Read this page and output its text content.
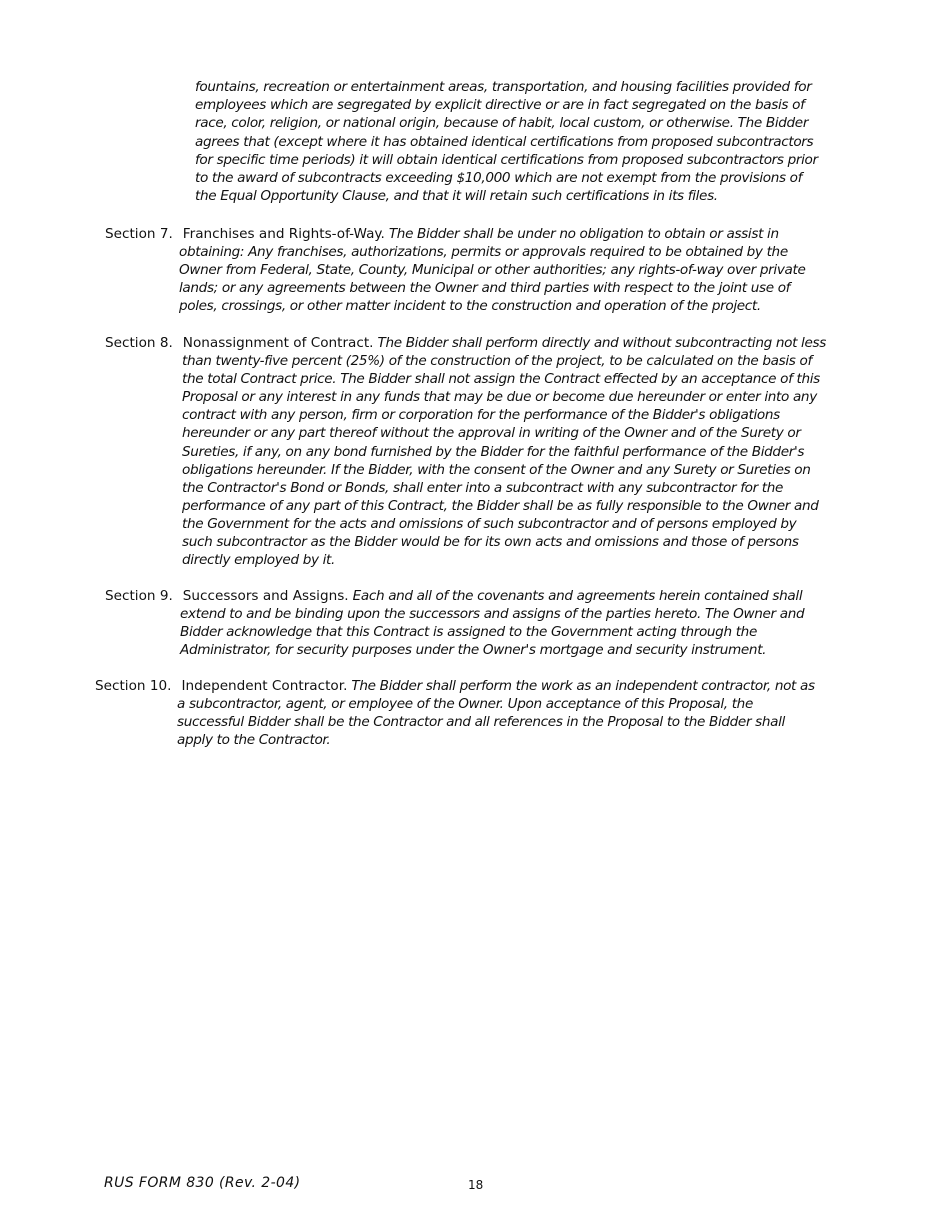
fountains, recreation or entertainment areas, transportation, and housing facilities provided for employees which are segregated by explicit directive or are in fact segregated on the basis of race, color, religion, or national origin, because of habit, local custom, or otherwise. The Bidder agrees that (except where it has obtained identical certifications from proposed subcontractors for specific time periods) it will obtain identical certifications from proposed subcontractors prior to the award of subcontracts exceeding $10,000 which are not exempt from the provisions of the Equal Opportunity Clause, and that it will retain such certifications in its files.

Section 7. Franchises and Rights-of-Way. The Bidder shall be under no obligation to obtain or assist in obtaining: Any franchises, authorizations, permits or approvals required to be obtained by the Owner from Federal, State, County, Municipal or other authorities; any rights-of-way over private lands; or any agreements between the Owner and third parties with respect to the joint use of poles, crossings, or other matter incident to the construction and operation of the project.

Section 8. Nonassignment of Contract. The Bidder shall perform directly and without subcontracting not less than twenty-five percent (25%) of the construction of the project, to be calculated on the basis of the total Contract price. The Bidder shall not assign the Contract effected by an acceptance of this Proposal or any interest in any funds that may be due or become due hereunder or enter into any contract with any person, firm or corporation for the performance of the Bidder's obligations hereunder or any part thereof without the approval in writing of the Owner and of the Surety or Sureties, if any, on any bond furnished by the Bidder for the faithful performance of the Bidder's obligations hereunder. If the Bidder, with the consent of the Owner and any Surety or Sureties on the Contractor's Bond or Bonds, shall enter into a subcontract with any subcontractor for the performance of any part of this Contract, the Bidder shall be as fully responsible to the Owner and the Government for the acts and omissions of such subcontractor and of persons employed by such subcontractor as the Bidder would be for its own acts and omissions and those of persons directly employed by it.

Section 9. Successors and Assigns. Each and all of the covenants and agreements herein contained shall extend to and be binding upon the successors and assigns of the parties hereto. The Owner and Bidder acknowledge that this Contract is assigned to the Government acting through the Administrator, for security purposes under the Owner's mortgage and security instrument.

Section 10. Independent Contractor. The Bidder shall perform the work as an independent contractor, not as a subcontractor, agent, or employee of the Owner. Upon acceptance of this Proposal, the successful Bidder shall be the Contractor and all references in the Proposal to the Bidder shall apply to the Contractor.

RUS FORM 830 (Rev. 2-04)	18
